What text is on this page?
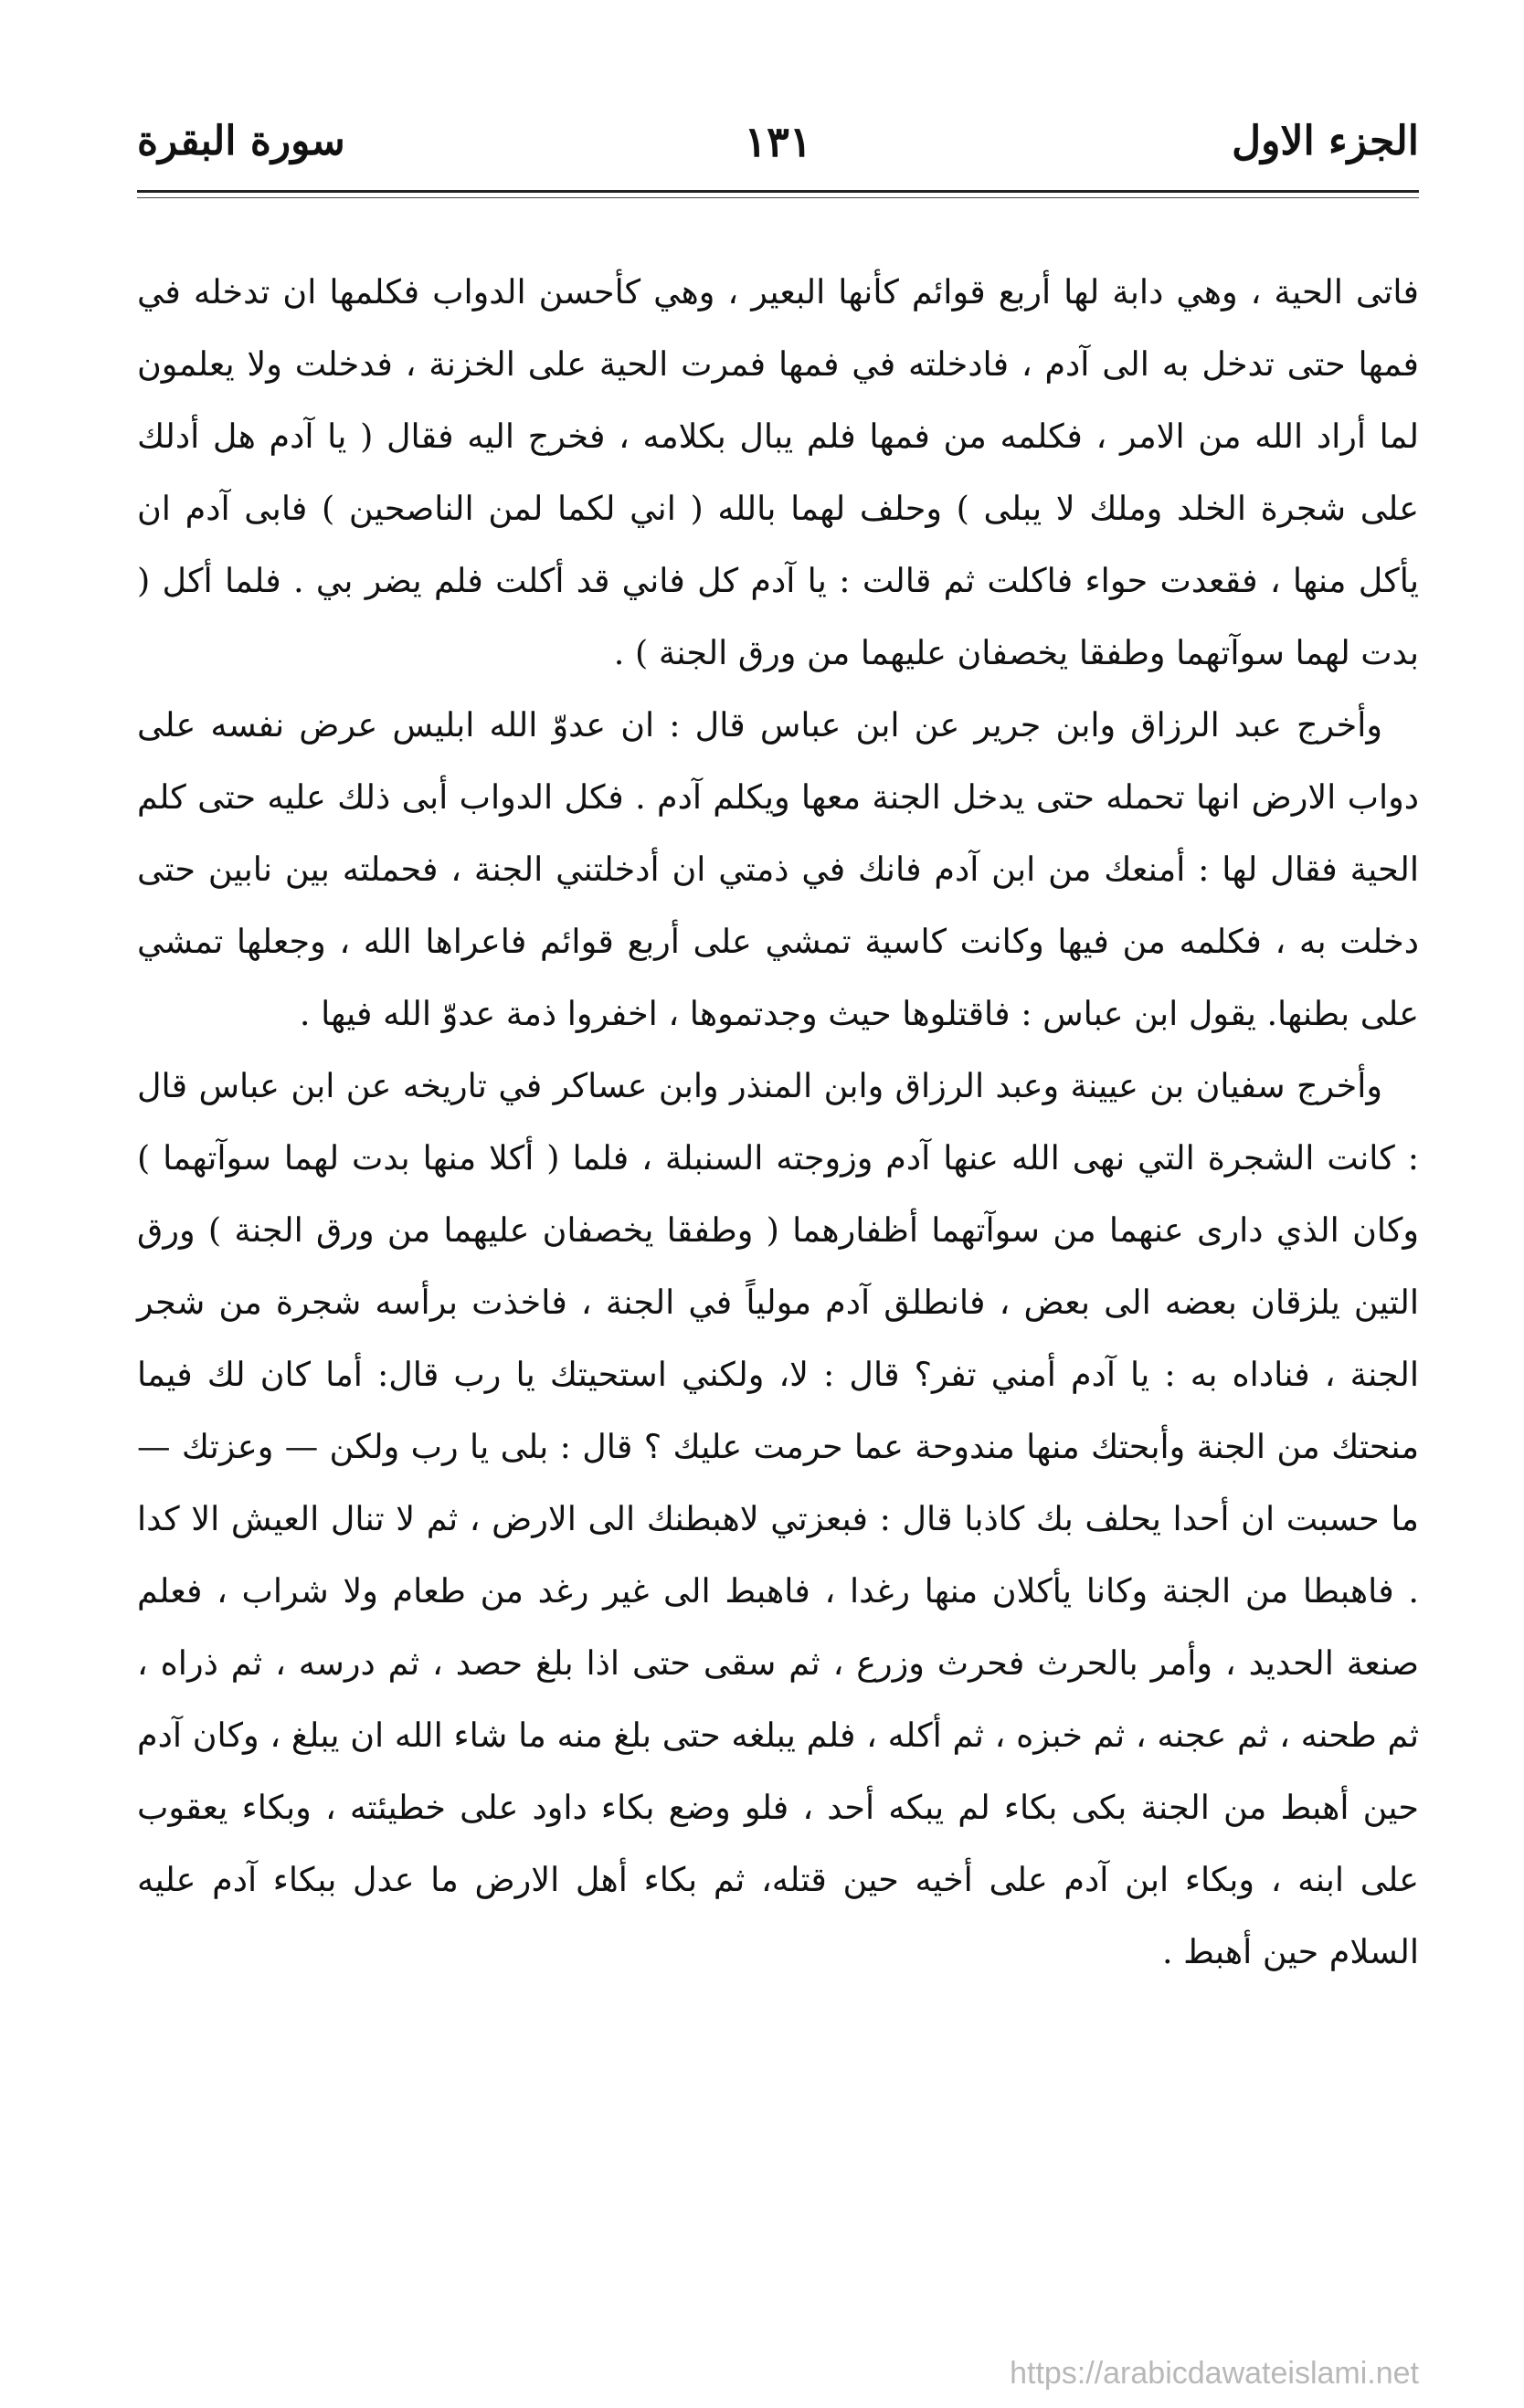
الجزء الاول
١٣١
سورة البقرة

فاتى الحية ، وهي دابة لها أربع قوائم كأنها البعير ، وهي كأحسن الدواب فكلمها ان تدخله في فمها حتى تدخل به الى آدم ، فادخلته في فمها فمرت الحية على الخزنة ، فدخلت ولا يعلمون لما أراد الله من الامر ، فكلمه من فمها فلم يبال بكلامه ، فخرج اليه فقال ( يا آدم هل أدلك على شجرة الخلد وملك لا يبلى ) وحلف لهما بالله ( اني لكما لمن الناصحين ) فابى آدم ان يأكل منها ، فقعدت حواء فاكلت ثم قالت : يا آدم كل فاني قد أكلت فلم يضر بي . فلما أكل ( بدت لهما سوآتهما وطفقا يخصفان عليهما من ورق الجنة ) .

وأخرج عبد الرزاق وابن جرير عن ابن عباس قال : ان عدوّ الله ابليس عرض نفسه على دواب الارض انها تحمله حتى يدخل الجنة معها ويكلم آدم . فكل الدواب أبى ذلك عليه حتى كلم الحية فقال لها : أمنعك من ابن آدم فانك في ذمتي ان أدخلتني الجنة ، فحملته بين نابين حتى دخلت به ، فكلمه من فيها وكانت كاسية تمشي على أربع قوائم فاعراها الله ، وجعلها تمشي على بطنها. يقول ابن عباس : فاقتلوها حيث وجدتموها ، اخفروا ذمة عدوّ الله فيها .

وأخرج سفيان بن عيينة وعبد الرزاق وابن المنذر وابن عساكر في تاريخه عن ابن عباس قال : كانت الشجرة التي نهى الله عنها آدم وزوجته السنبلة ، فلما ( أكلا منها بدت لهما سوآتهما ) وكان الذي دارى عنهما من سوآتهما أظفارهما ( وطفقا يخصفان عليهما من ورق الجنة ) ورق التين يلزقان بعضه الى بعض ، فانطلق آدم مولياً في الجنة ، فاخذت برأسه شجرة من شجر الجنة ، فناداه به : يا آدم أمني تفر؟ قال : لا، ولكني استحيتك يا رب قال: أما كان لك فيما منحتك من الجنة وأبحتك منها مندوحة عما حرمت عليك ؟ قال : بلى يا رب ولكن — وعزتك — ما حسبت ان أحدا يحلف بك كاذبا قال : فبعزتي لاهبطنك الى الارض ، ثم لا تنال العيش الا كدا . فاهبطا من الجنة وكانا يأكلان منها رغدا ، فاهبط الى غير رغد من طعام ولا شراب ، فعلم صنعة الحديد ، وأمر بالحرث فحرث وزرع ، ثم سقى حتى اذا بلغ حصد ، ثم درسه ، ثم ذراه ، ثم طحنه ، ثم عجنه ، ثم خبزه ، ثم أكله ، فلم يبلغه حتى بلغ منه ما شاء الله ان يبلغ ، وكان آدم حين أهبط من الجنة بكى بكاء لم يبكه أحد ، فلو وضع بكاء داود على خطيئته ، وبكاء يعقوب على ابنه ، وبكاء ابن آدم على أخيه حين قتله، ثم بكاء أهل الارض ما عدل ببكاء آدم عليه السلام حين أهبط .

https://arabicdawateislami.net
